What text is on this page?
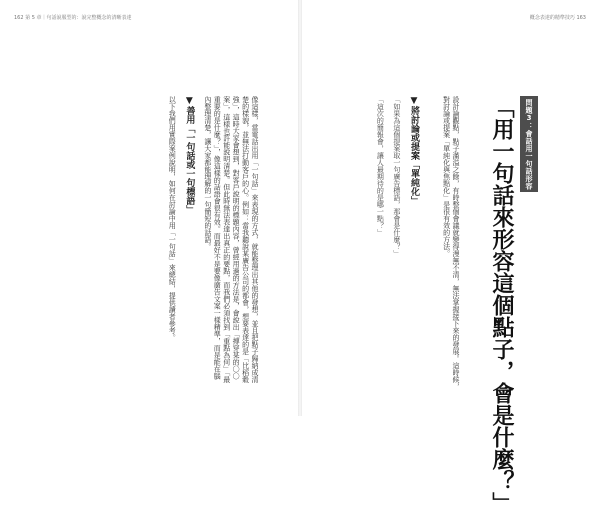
162 第 5 章｜句話說服型的：說完整概念的清晰表達	概念表達的精準技巧 163
問題3：會話用一句話形容
「用一句話來形容這個點子，會是什麼？」
設計論觀點，點子滿溢之餘，有時整個會議就變得漫無不清，無法掌握接下來的發展。這時候，對討論或提案「單純化與焦點化」是很有效的方法。

▼將討論或提案「單純化」

「如果為這個提案取一句廣告標語，那會是什麼？」

「這次的簡報會，讓人最期待的是哪一點？」

像這樣，當電話出用「一句話」來表現的方式，就能整理出其他的發想，並且把點子歸納成清楚的樣貌，並無法打動客戶的心。例如：當我聽說某廣告公司的都會，想要表達的是「比稻穀強」，這時大家會想到，對客戶說明的標題內容，曾經用過的方法是，會說出「搏穿某的〇〇案」，這樣也許能說明清楚。但此時無法表達出真正的要點，而我們必須找到「重點為何」「最重要的是什麼？」，像這樣的話語會很有效。而最好不是要像廣告文案一樣精準，而是能在腦內整理清楚，讓大家都能理解的一句簡短的話語。

▼善用「一句話或一句標語」

以下我們用實際案例說明，如何在討論中用「一句話」來總結，提供讀者參考。
